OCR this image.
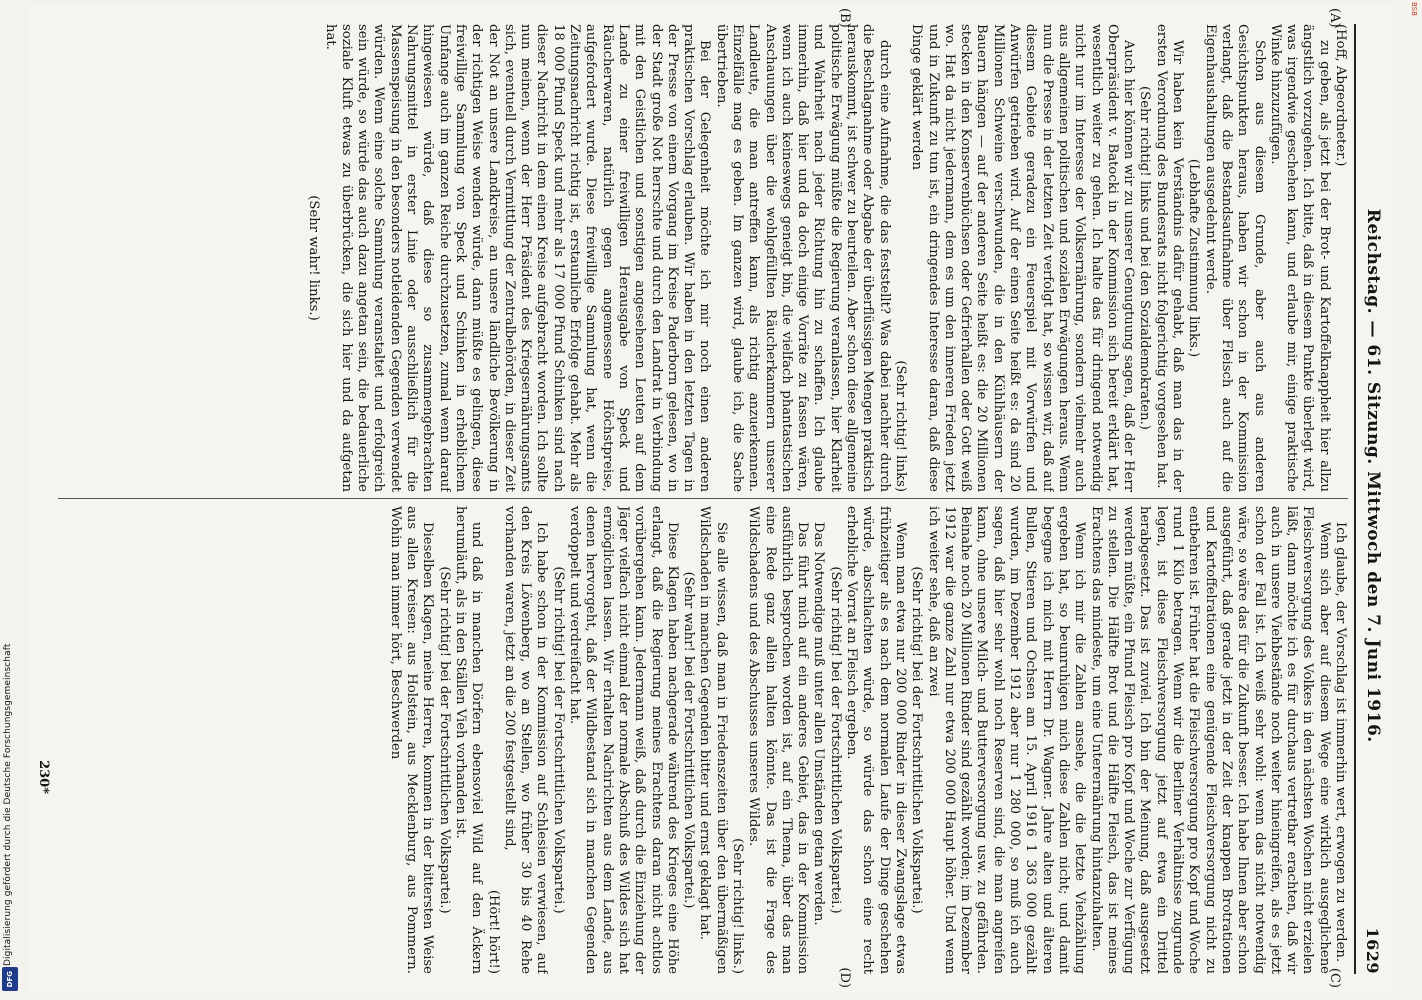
BSB
Digitalisierung gefördert durch die Deutsche Forschungsgemeinschaft
DFG
Reichstag. — 61. Sitzung. Mittwoch den 7. Juni 1916.
1629
(A)
(B)
(C)
(D)

(Hoff, Abgeordneter.)

zu geben, als jetzt bei der Brot- und Kartoffelknappheit hier allzu ängstlich vorzugehen. Ich bitte, daß in diesem Punkte überlegt wird, was irgendwie geschehen kann, und erlaube mir, einige praktische Winke hinzuzufügen.

Schon aus diesem Grunde, aber auch aus anderen Gesichtspunkten heraus, haben wir schon in der Kommission verlangt, daß die Bestandsaufnahme über Fleisch auch auf die Eigenhaushaltungen ausgedehnt werde.

(Lebhafte Zustimmung links.)

Wir haben kein Verständnis dafür gehabt, daß man das in der ersten Verordnung des Bundesrats nicht folgerichtig vorgesehen hat.

(Sehr richtig! links und bei den Sozialdemokraten.)

Auch hier können wir zu unserer Genugtuung sagen, daß der Herr Oberpräsident v. Batocki in der Kommission sich bereit erklärt hat, wesentlich weiter zu gehen. Ich halte das für dringend notwendig nicht nur im Interesse der Volksernährung, sondern vielmehr auch aus allgemeinen politischen und sozialen Erwägungen heraus. Wenn nun die Presse in der letzten Zeit verfolgt hat, so wissen wir, daß auf diesem Gebiete geradezu ein Feuerspiel mit Vorwürfen und Anwürfen getrieben wird. Auf der einen Seite heißt es: da sind 20 Millionen Schweine verschwunden, die in den Kühlhäusern der Bauern hängen — auf der anderen Seite heißt es: die 20 Millionen stecken in den Konservenbüchsen oder Gefrierhallen oder Gott weiß wo. Hat da nicht jedermann, dem es um den inneren Frieden jetzt und in Zukunft zu tun ist, ein dringendes Interesse daran, daß diese Dinge geklärt werden

(Sehr richtig! links)

durch eine Aufnahme, die das feststellt? Was dabei nachher durch die Beschlagnahme oder Abgabe der überflüssigen Mengen praktisch herauskommt, ist schwer zu beurteilen. Aber schon diese allgemeine politische Erwägung müßte die Regierung veranlassen, hier Klarheit und Wahrheit nach jeder Richtung hin zu schaffen. Ich glaube immerhin, daß hier und da doch einige Vorräte zu fassen wären, wenn ich auch keineswegs geneigt bin, die vielfach phantastischen Anschauungen über die wohlgefüllten Räucherkammern unserer Landleute, die man antreffen kann, als richtig anzuerkennen. Einzelfälle mag es geben. Im ganzen wird, glaube ich, die Sache übertrieben.

Bei der Gelegenheit möchte ich mir noch einen anderen praktischen Vorschlag erlauben. Wir haben in den letzten Tagen in der Presse von einem Vorgang im Kreise Paderborn gelesen, wo in der Stadt große Not herrschte und durch den Landrat in Verbindung mit den Geistlichen und sonstigen angesehenen Leuten auf dem Lande zu einer freiwilligen Herausgabe von Speck und Räucherwaren, natürlich gegen angemessene Höchstpreise, aufgefordert wurde. Diese freiwillige Sammlung hat, wenn die Zeitungsnachricht richtig ist, erstaunliche Erfolge gehabt. Mehr als 18 000 Pfund Speck und mehr als 17 000 Pfund Schinken sind nach dieser Nachricht in dem einen Kreise aufgebracht worden. Ich sollte nun meinen, wenn der Herr Präsident des Kriegsernährungsamts sich, eventuell durch Vermittlung der Zentralbehörden, in dieser Zeit der Not an unsere Landkreise, an unsere ländliche Bevölkerung in der richtigen Weise wenden würde, dann müßte es gelingen, diese freiwillige Sammlung von Speck und Schinken in erheblichem Umfange auch im ganzen Reiche durchzusetzen, zumal wenn darauf hingewiesen würde, daß diese so zusammengebrachten Nahrungsmittel in erster Linie oder ausschließlich für die Massenspeisung in den besonders notleidenden Gegenden verwendet würden. Wenn eine solche Sammlung veranstaltet und erfolgreich sein würde, so würde das auch dazu angetan sein, die bedauerliche soziale Kluft etwas zu überbrücken, die sich hier und da aufgetan hat.

(Sehr wahr! links.)

Ich glaube, der Vorschlag ist immerhin wert, erwogen zu werden.

Wenn sich aber auf diesem Wege eine wirklich ausgeglichene Fleischversorgung des Volkes in den nächsten Wochen nicht erzielen läßt, dann möchte ich es für durchaus vertretbar erachten, daß wir auch in unsere Viehbestände noch weiter hineingreifen, als es jetzt schon der Fall ist. Ich weiß sehr wohl: wenn das nicht notwendig wäre, so wäre das für die Zukunft besser. Ich habe Ihnen aber schon ausgeführt, daß gerade jetzt in der Zeit der knappen Brotrationen und Kartoffelrationen eine genügende Fleischversorgung nicht zu entbehren ist. Früher hat die Fleischversorgung pro Kopf und Woche rund 1 Kilo betragen. Wenn wir die Berliner Verhältnisse zugrunde legen, ist diese Fleischversorgung jetzt auf etwa ein Drittel herabgesetzt. Das ist zuviel. Ich bin der Meinung, daß ausgesetzt werden müßte, ein Pfund Fleisch pro Kopf und Woche zur Verfügung zu stellen. Die Hälfte Brot und die Hälfte Fleisch, das ist meines Erachtens das mindeste, um eine Unterernährung hintanzuhalten.

Wenn ich mir die Zahlen ansehe, die die letzte Viehzählung ergeben hat, so beunruhigen mich diese Zahlen nicht; und damit begegne ich mich mit Herrn Dr. Wagner. Jahre alten und älteren Bullen, Stieren und Ochsen am 15. April 1916 1 363 000 gezählt wurden, im Dezember 1912 aber nur 1 280 000, so muß ich auch sagen, daß hier sehr wohl noch Reserven sind, die man angreifen kann, ohne unsere Milch- und Butterversorgung usw. zu gefährden. Beinahe noch 20 Millionen Rinder sind gezählt worden; im Dezember 1912 war die ganze Zahl nur etwa 200 000 Haupt höher. Und wenn ich weiter sehe, daß an zwei

(Sehr richtig! bei der Fortschrittlichen Volkspartei.)

Wenn man etwa nur 200 000 Rinder in dieser Zwangslage etwas frühzeitiger als es nach dem normalen Laufe der Dinge geschehen würde, abschlachten würde, so würde das schon eine recht erhebliche Vorrat an Fleisch ergeben.

(Sehr richtig! bei der Fortschrittlichen Volkspartei.)

Das Notwendige muß unter allen Umständen getan werden.

Das führt mich auf ein anderes Gebiet, das in der Kommission ausführlich besprochen worden ist, auf ein Thema, über das man eine Rede ganz allein halten könnte. Das ist die Frage des Wildschadens und des Abschusses unseres Wildes.

(Sehr richtig! links.)

Sie alle wissen, daß man in Friedenszeiten über den übermäßigen Wildschaden in manchen Gegenden bitter und ernst geklagt hat.

(Sehr wahr! bei der Fortschrittlichen Volkspartei.)

Diese Klagen haben nachgerade während des Krieges eine Höhe erlangt, daß die Regierung meines Erachtens daran nicht achtlos vorübergehen kann. Jedermann weiß, daß durch die Einziehung der Jäger vielfach nicht einmal der normale Abschuß des Wildes sich hat ermöglichen lassen. Wir erhalten Nachrichten aus dem Lande, aus denen hervorgeht, daß der Wildbestand sich in manchen Gegenden verdoppelt und verdreifacht hat.

(Sehr richtig! bei der Fortschrittlichen Volkspartei.)

Ich habe schon in der Kommission auf Schlesien verwiesen, auf den Kreis Löwenberg, wo an Stellen, wo früher 30 bis 40 Rehe vorhanden waren, jetzt an die 200 festgestellt sind,

(Hört! hört!)

und daß in manchen Dörfern ebensoviel Wild auf den Äckern herumläuft, als in den Ställen Vieh vorhanden ist.

(Sehr richtig! bei der Fortschrittlichen Volkspartei.)

Dieselben Klagen, meine Herren, kommen in der bittersten Weise aus allen Kreisen: aus Holstein, aus Mecklenburg, aus Pommern. Wohin man immer hört, Beschwerden

230*
